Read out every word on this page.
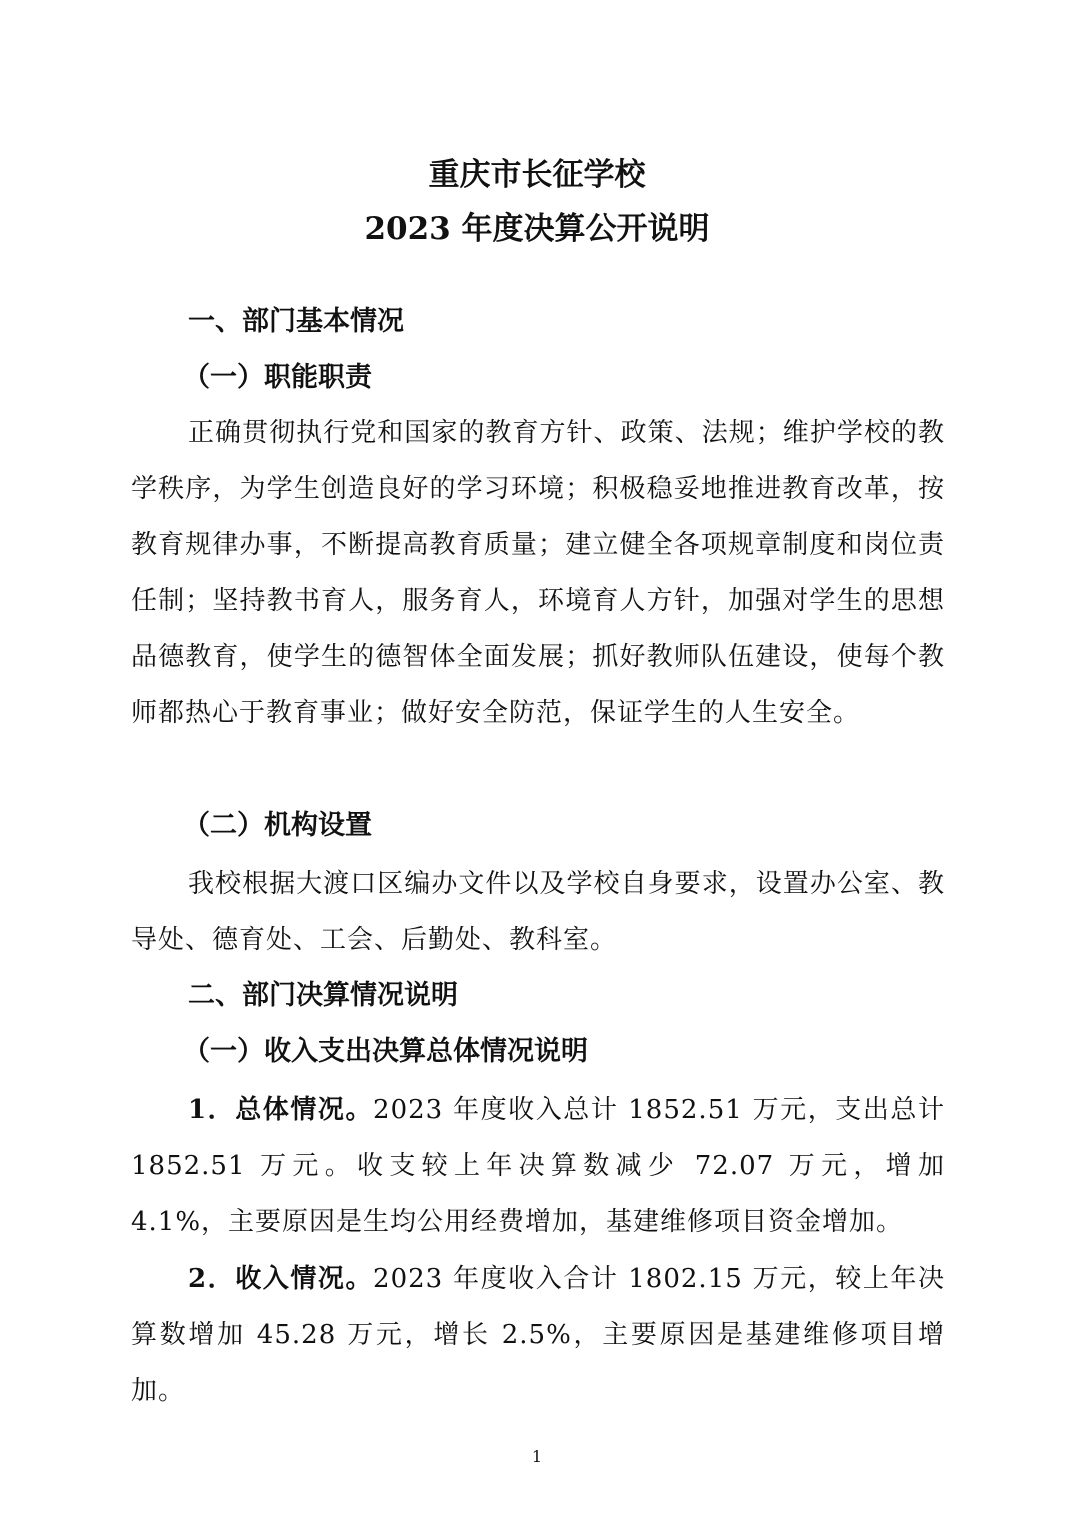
重庆市长征学校
2023 年度决算公开说明
一、部门基本情况
（一）职能职责

正确贯彻执行党和国家的教育方针、政策、法规；维护学校的教学秩序，为学生创造良好的学习环境；积极稳妥地推进教育改革，按教育规律办事，不断提高教育质量；建立健全各项规章制度和岗位责任制；坚持教书育人，服务育人，环境育人方针，加强对学生的思想品德教育，使学生的德智体全面发展；抓好教师队伍建设，使每个教师都热心于教育事业；做好安全防范，保证学生的人生安全。

（二）机构设置

我校根据大渡口区编办文件以及学校自身要求，设置办公室、教导处、德育处、工会、后勤处、教科室。

二、部门决算情况说明
（一）收入支出决算总体情况说明

1．总体情况。2023 年度收入总计 1852.51 万元，支出总计 1852.51 万元。收支较上年决算数减少 72.07 万元，增加 4.1%，主要原因是生均公用经费增加，基建维修项目资金增加。

2．收入情况。2023 年度收入合计 1802.15 万元，较上年决算数增加 45.28 万元，增长 2.5%，主要原因是基建维修项目增加。

1
